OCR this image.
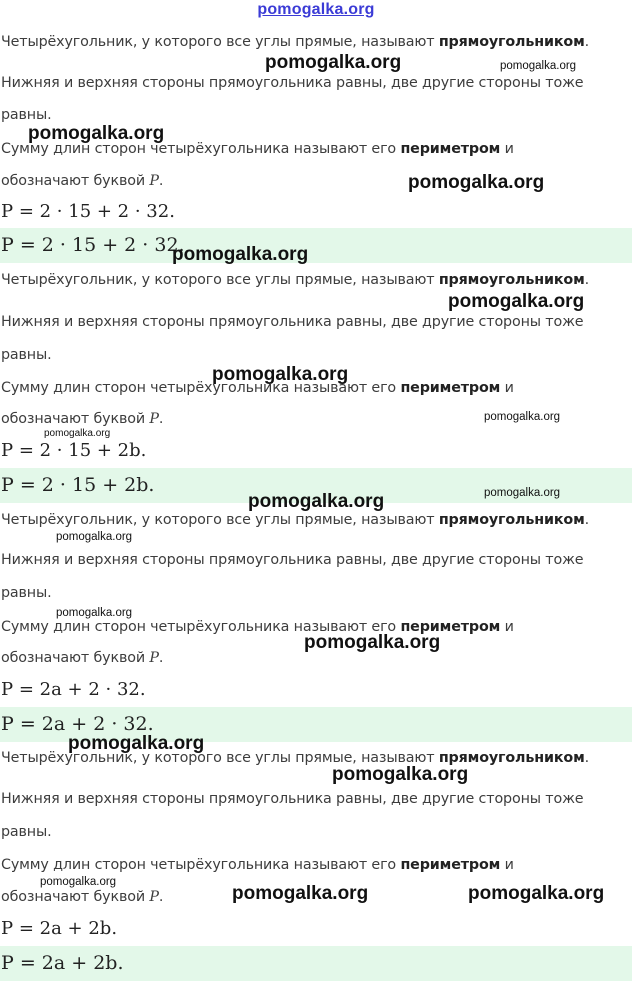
pomogalka.org
Четырёхугольник, у которого все углы прямые, называют прямоугольником.
Нижняя и верхняя стороны прямоугольника равны, две другие стороны тоже
равны.
Сумму длин сторон четырёхугольника называют его периметром и
обозначают буквой P.
P = 2 · 15 + 2 · 32.
P = 2 · 15 + 2 · 32.
Четырёхугольник, у которого все углы прямые, называют прямоугольником.
Нижняя и верхняя стороны прямоугольника равны, две другие стороны тоже
равны.
Сумму длин сторон четырёхугольника называют его периметром и
обозначают буквой P.
P = 2 · 15 + 2b.
P = 2 · 15 + 2b.
Четырёхугольник, у которого все углы прямые, называют прямоугольником.
Нижняя и верхняя стороны прямоугольника равны, две другие стороны тоже
равны.
Сумму длин сторон четырёхугольника называют его периметром и
обозначают буквой P.
P = 2a + 2 · 32.
P = 2a + 2 · 32.
Четырёхугольник, у которого все углы прямые, называют прямоугольником.
Нижняя и верхняя стороны прямоугольника равны, две другие стороны тоже
равны.
Сумму длин сторон четырёхугольника называют его периметром и
обозначают буквой P.
P = 2a + 2b.
P = 2a + 2b.
pomogalka.org	pomogalka.org
pomogalka.org
pomogalka.org
pomogalka.org
pomogalka.org
pomogalka.org
pomogalka.org
pomogalka.org
pomogalka.org
pomogalka.org
pomogalka.org
pomogalka.org
pomogalka.org
pomogalka.org
pomogalka.org
pomogalka.org
pomogalka.org	pomogalka.org
